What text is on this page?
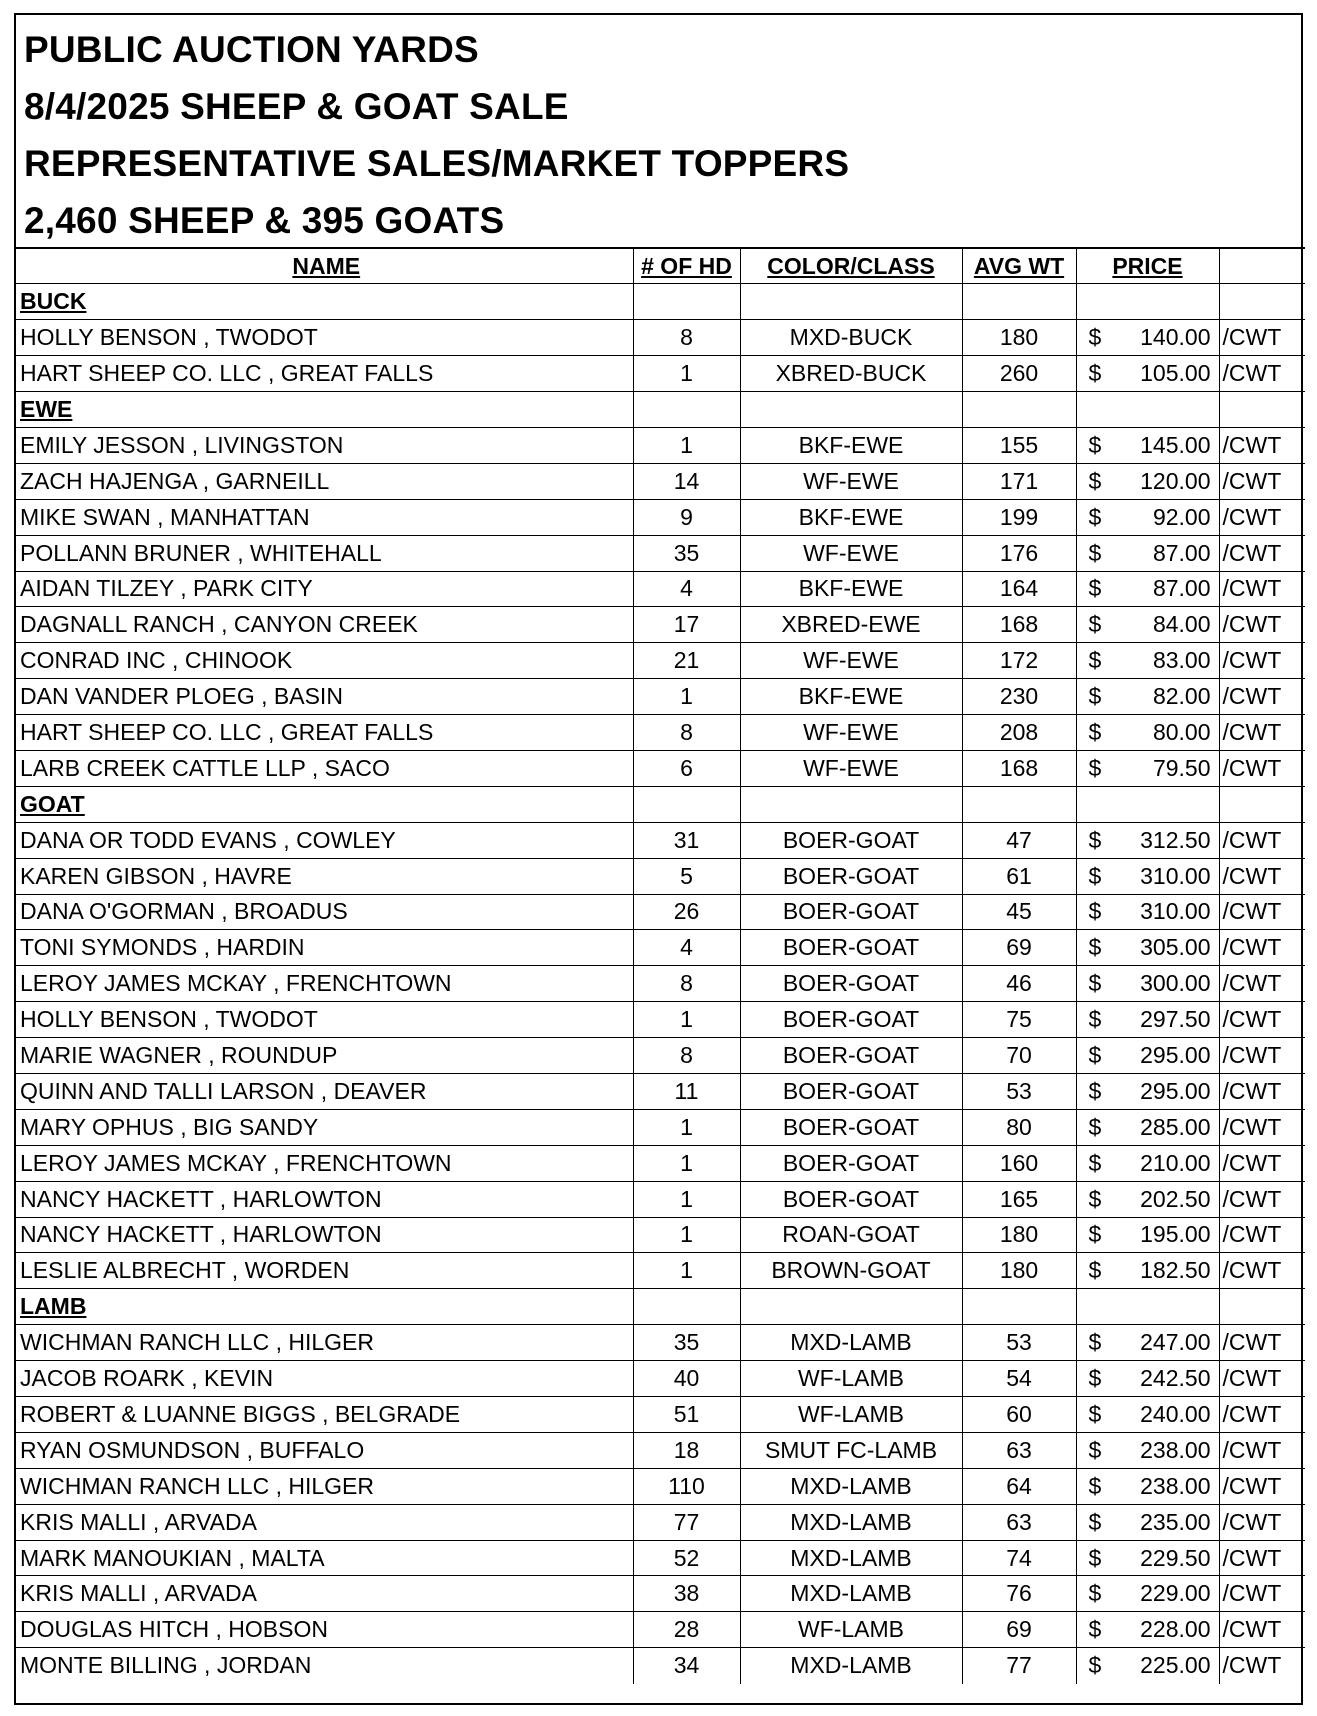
PUBLIC AUCTION YARDS
8/4/2025 SHEEP & GOAT SALE
REPRESENTATIVE SALES/MARKET TOPPERS
2,460 SHEEP & 395 GOATS
NAME	# OF HD	COLOR/CLASS	AVG WT	PRICE	
BUCK					
HOLLY BENSON , TWODOT	8	MXD-BUCK	180	$ 140.00	/CWT
HART SHEEP CO. LLC , GREAT FALLS	1	XBRED-BUCK	260	$ 105.00	/CWT
EWE					
EMILY JESSON , LIVINGSTON	1	BKF-EWE	155	$ 145.00	/CWT
ZACH HAJENGA , GARNEILL	14	WF-EWE	171	$ 120.00	/CWT
MIKE SWAN , MANHATTAN	9	BKF-EWE	199	$ 92.00	/CWT
POLLANN BRUNER , WHITEHALL	35	WF-EWE	176	$ 87.00	/CWT
AIDAN TILZEY , PARK CITY	4	BKF-EWE	164	$ 87.00	/CWT
DAGNALL RANCH , CANYON CREEK	17	XBRED-EWE	168	$ 84.00	/CWT
CONRAD INC , CHINOOK	21	WF-EWE	172	$ 83.00	/CWT
DAN VANDER PLOEG , BASIN	1	BKF-EWE	230	$ 82.00	/CWT
HART SHEEP CO. LLC , GREAT FALLS	8	WF-EWE	208	$ 80.00	/CWT
LARB CREEK CATTLE LLP , SACO	6	WF-EWE	168	$ 79.50	/CWT
GOAT					
DANA OR TODD EVANS , COWLEY	31	BOER-GOAT	47	$ 312.50	/CWT
KAREN GIBSON , HAVRE	5	BOER-GOAT	61	$ 310.00	/CWT
DANA O'GORMAN , BROADUS	26	BOER-GOAT	45	$ 310.00	/CWT
TONI SYMONDS , HARDIN	4	BOER-GOAT	69	$ 305.00	/CWT
LEROY JAMES MCKAY , FRENCHTOWN	8	BOER-GOAT	46	$ 300.00	/CWT
HOLLY BENSON , TWODOT	1	BOER-GOAT	75	$ 297.50	/CWT
MARIE WAGNER , ROUNDUP	8	BOER-GOAT	70	$ 295.00	/CWT
QUINN AND TALLI LARSON , DEAVER	11	BOER-GOAT	53	$ 295.00	/CWT
MARY OPHUS , BIG SANDY	1	BOER-GOAT	80	$ 285.00	/CWT
LEROY JAMES MCKAY , FRENCHTOWN	1	BOER-GOAT	160	$ 210.00	/CWT
NANCY HACKETT , HARLOWTON	1	BOER-GOAT	165	$ 202.50	/CWT
NANCY HACKETT , HARLOWTON	1	ROAN-GOAT	180	$ 195.00	/CWT
LESLIE ALBRECHT , WORDEN	1	BROWN-GOAT	180	$ 182.50	/CWT
LAMB					
WICHMAN RANCH LLC , HILGER	35	MXD-LAMB	53	$ 247.00	/CWT
JACOB ROARK , KEVIN	40	WF-LAMB	54	$ 242.50	/CWT
ROBERT & LUANNE BIGGS , BELGRADE	51	WF-LAMB	60	$ 240.00	/CWT
RYAN OSMUNDSON , BUFFALO	18	SMUT FC-LAMB	63	$ 238.00	/CWT
WICHMAN RANCH LLC , HILGER	110	MXD-LAMB	64	$ 238.00	/CWT
KRIS MALLI , ARVADA	77	MXD-LAMB	63	$ 235.00	/CWT
MARK MANOUKIAN , MALTA	52	MXD-LAMB	74	$ 229.50	/CWT
KRIS MALLI , ARVADA	38	MXD-LAMB	76	$ 229.00	/CWT
DOUGLAS HITCH , HOBSON	28	WF-LAMB	69	$ 228.00	/CWT
MONTE BILLING , JORDAN	34	MXD-LAMB	77	$ 225.00	/CWT
